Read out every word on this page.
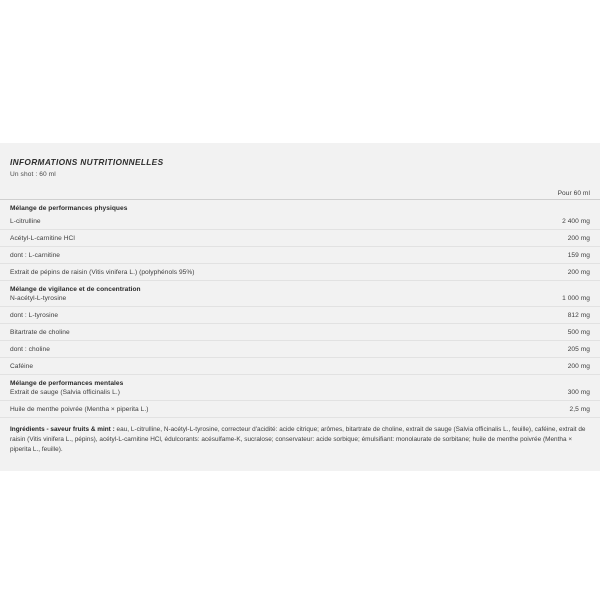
INFORMATIONS NUTRITIONNELLES
Un shot : 60 ml
	Pour 60 ml
Mélange de performances physiques	
L-citrulline	2 400 mg
Acétyl-L-carnitine HCl	200 mg
dont : L-carnitine	159 mg
Extrait de pépins de raisin (Vitis vinifera L.) (polyphénols 95%)	200 mg
Mélange de vigilance et de concentration	
N-acétyl-L-tyrosine	1 000 mg
dont : L-tyrosine	812 mg
Bitartrate de choline	500 mg
dont : choline	205 mg
Caféine	200 mg
Mélange de performances mentales	
Extrait de sauge (Salvia officinalis L.)	300 mg
Huile de menthe poivrée (Mentha × piperita L.)	2,5 mg
Ingrédients - saveur fruits & mint : eau, L-citrulline, N-acétyl-L-tyrosine, correcteur d'acidité: acide citrique; arômes, bitartrate de choline, extrait de sauge (Salvia officinalis L., feuille), caféine, extrait de raisin (Vitis vinifera L., pépins), acétyl-L-carnitine HCl, édulcorants: acésulfame-K, sucralose; conservateur: acide sorbique; émulsifiant: monolaurate de sorbitane; huile de menthe poivrée (Mentha × piperita L., feuille).
